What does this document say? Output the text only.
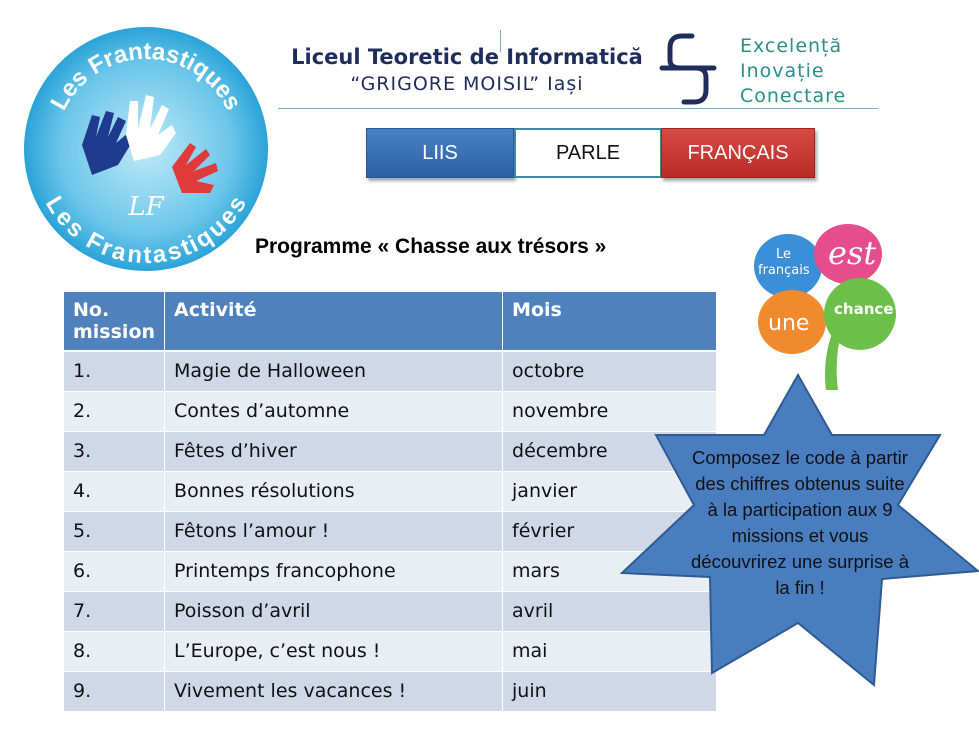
LF
Les Frantastiques
Les Frantastiques
Liceul Teoretic de Informatică
“GRIGORE MOISIL” Iași
Excelență
Inovație
Conectare
LIIS	PARLE	FRANÇAIS
Programme « Chasse aux trésors »
No.
mission	Activité	Mois
1.	Magie de Halloween	octobre
2.	Contes d’automne	novembre
3.	Fêtes d’hiver	décembre
4.	Bonnes résolutions	janvier
5.	Fêtons l’amour !	février
6.	Printemps francophone	mars
7.	Poisson d’avril	avril
8.	L’Europe, c’est nous !	mai
9.	Vivement les vacances !	juin
Le
français est
une
chance
Composez le code à partir des chiffres obtenus suite à la participation aux 9 missions et vous découvrirez une surprise à la fin !
